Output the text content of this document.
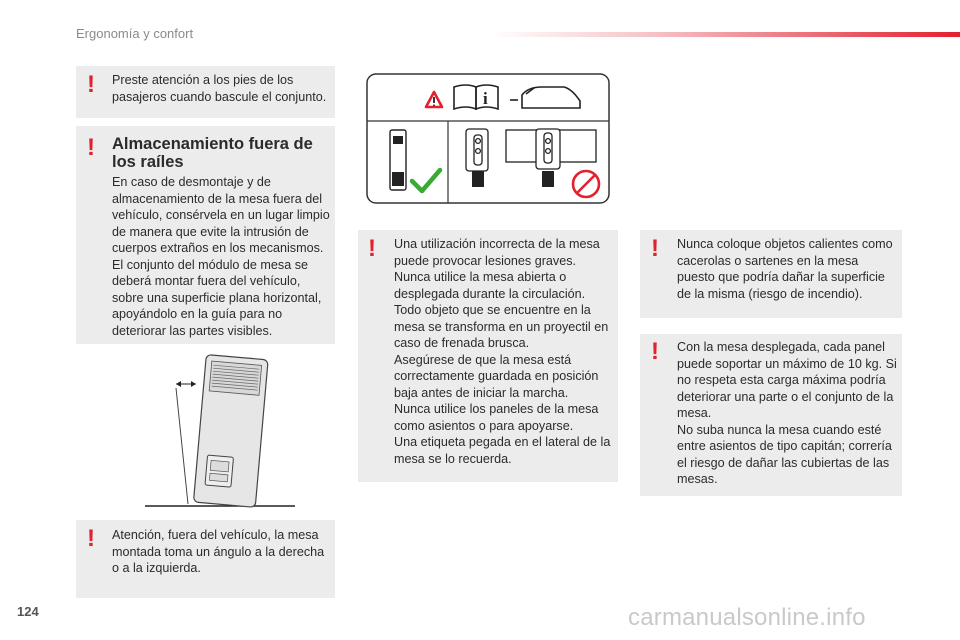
Ergonomía y confort
! Preste atención a los pies de los pasajeros cuando bascule el conjunto.
! Almacenamiento fuera de los raíles
En caso de desmontaje y de almacenamiento de la mesa fuera del vehículo, consérvela en un lugar limpio de manera que evite la intrusión de cuerpos extraños en los mecanismos.
El conjunto del módulo de mesa se deberá montar fuera del vehículo, sobre una superficie plana horizontal, apoyándolo en la guía para no deteriorar las partes visibles.
! Atención, fuera del vehículo, la mesa montada toma un ángulo a la derecha o a la izquierda.
i
! Una utilización incorrecta de la mesa puede provocar lesiones graves.
Nunca utilice la mesa abierta o desplegada durante la circulación. Todo objeto que se encuentre en la mesa se transforma en un proyectil en caso de frenada brusca.
Asegúrese de que la mesa está correctamente guardada en posición baja antes de iniciar la marcha.
Nunca utilice los paneles de la mesa como asientos o para apoyarse.
Una etiqueta pegada en el lateral de la mesa se lo recuerda.
! Nunca coloque objetos calientes como cacerolas o sartenes en la mesa puesto que podría dañar la superficie de la misma (riesgo de incendio).
! Con la mesa desplegada, cada panel puede soportar un máximo de 10 kg. Si no respeta esta carga máxima podría deteriorar una parte o el conjunto de la mesa.
No suba nunca la mesa cuando esté entre asientos de tipo capitán; correría el riesgo de dañar las cubiertas de las mesas.
124	carmanualsonline.info
